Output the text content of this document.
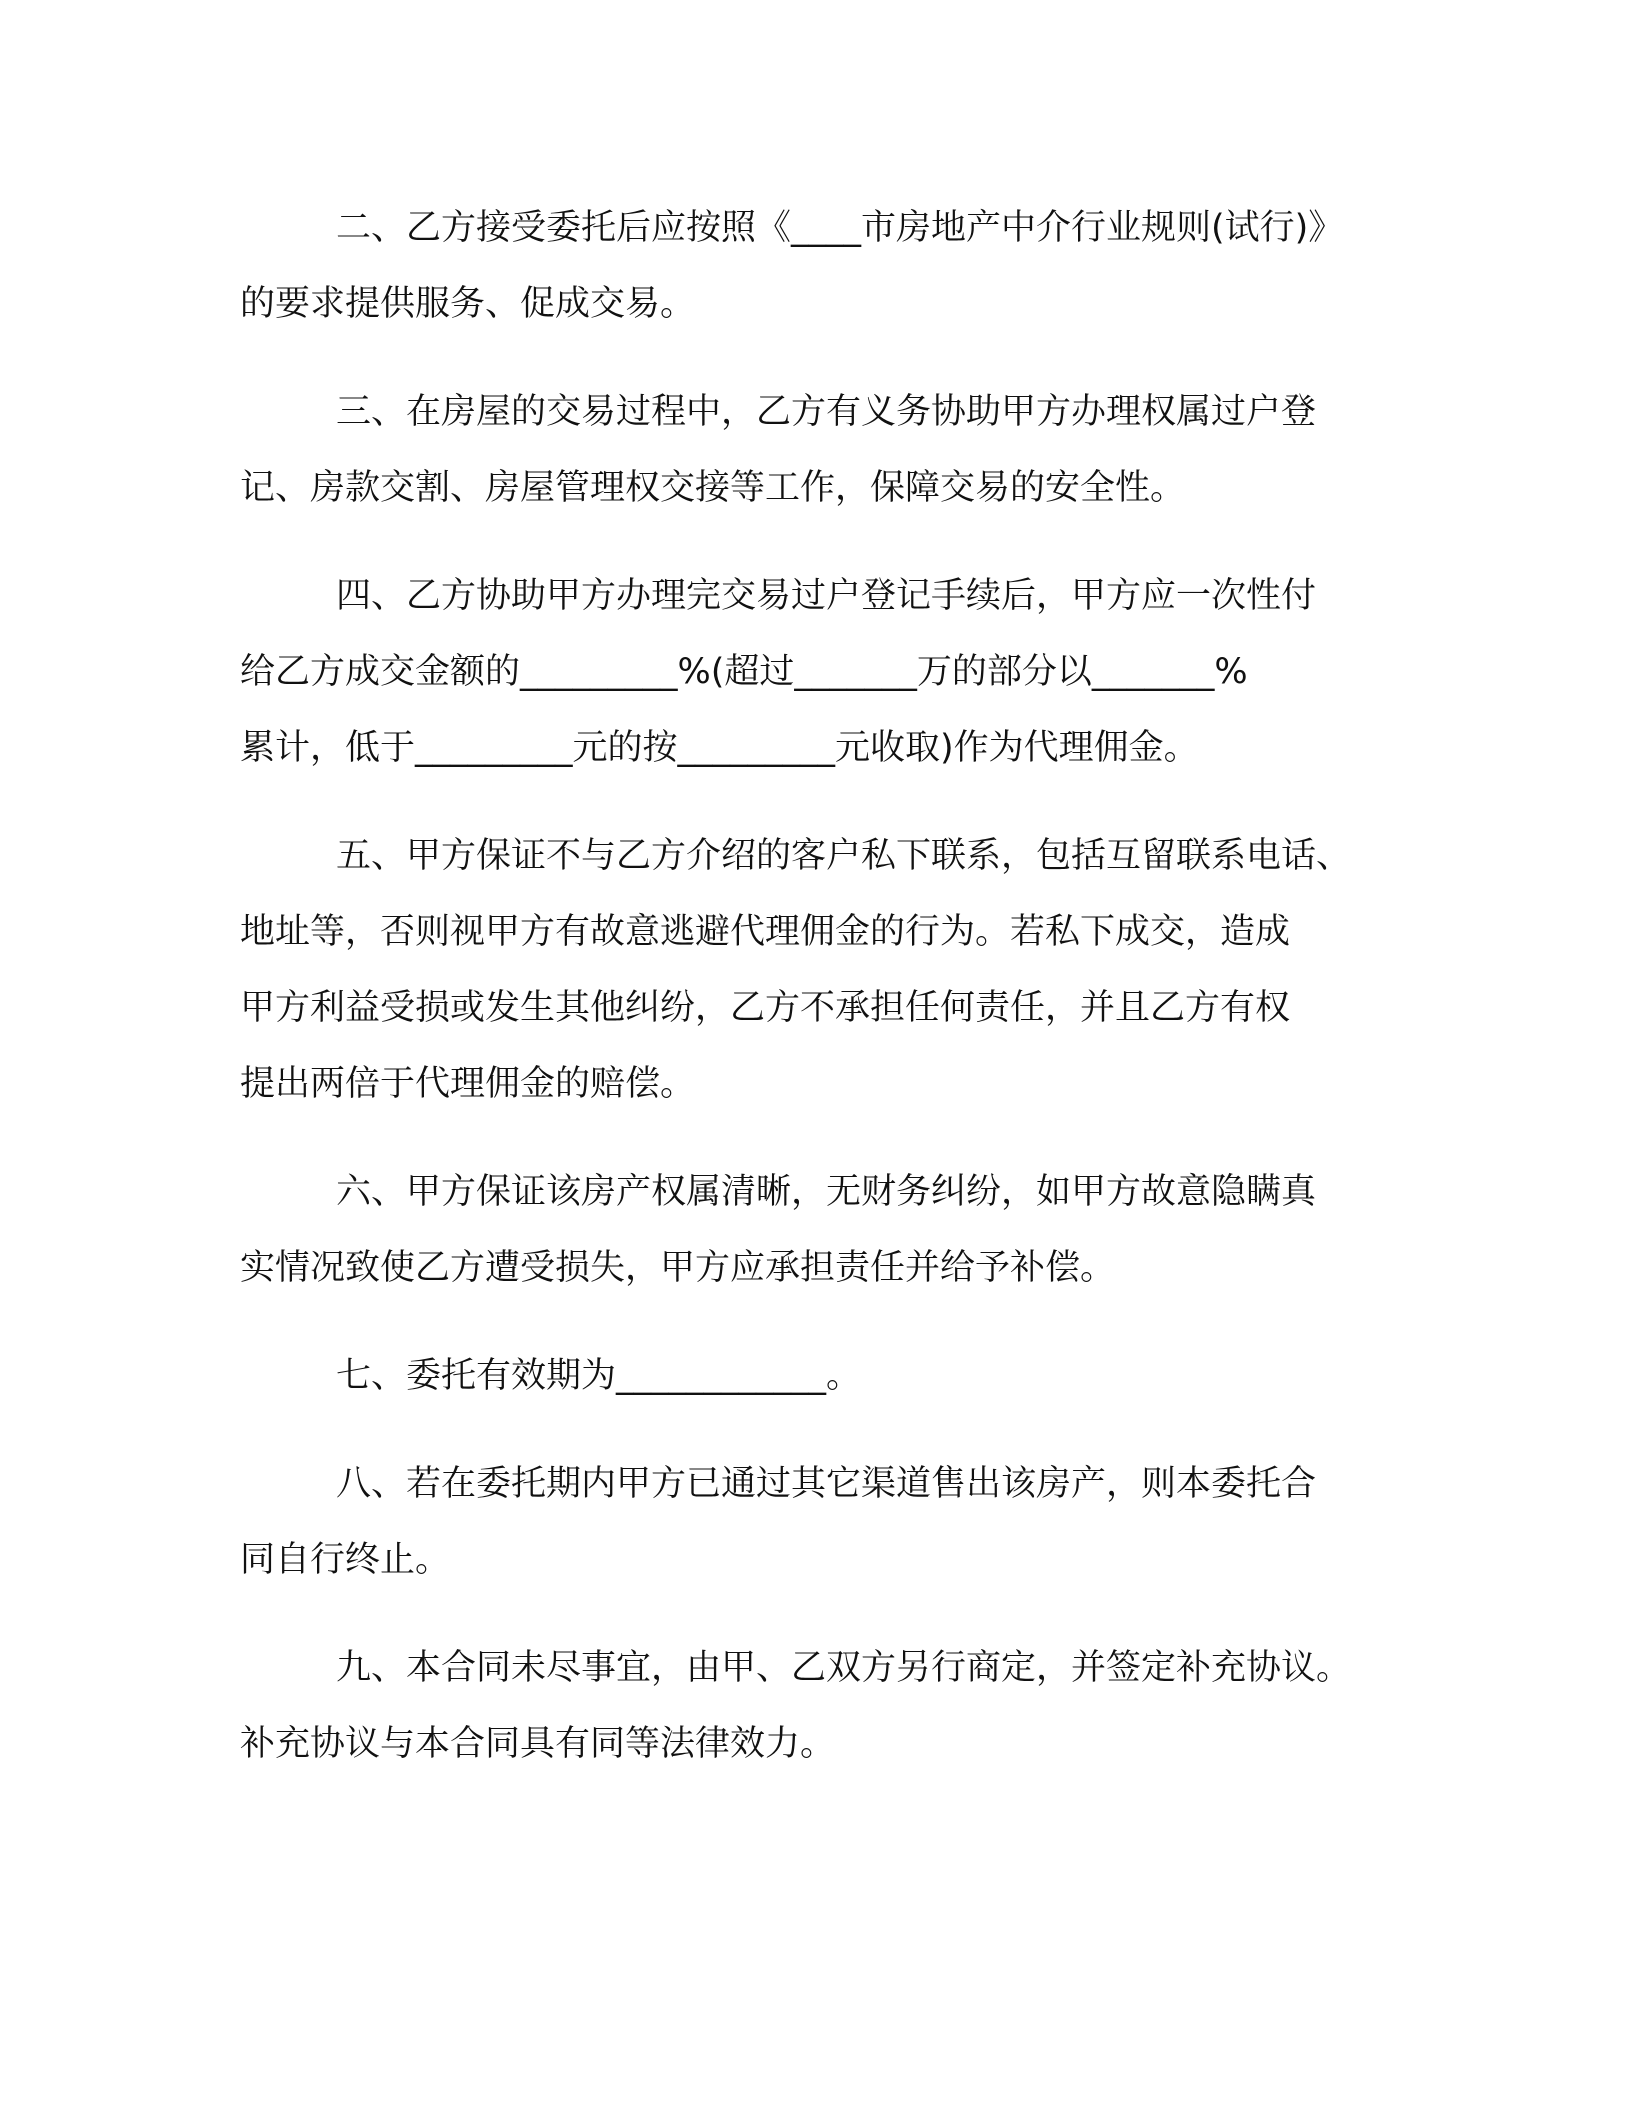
二、乙方接受委托后应按照《____市房地产中介行业规则(试行)》
的要求提供服务、促成交易。
三、在房屋的交易过程中，乙方有义务协助甲方办理权属过户登
记、房款交割、房屋管理权交接等工作，保障交易的安全性。
四、乙方协助甲方办理完交易过户登记手续后，甲方应一次性付
给乙方成交金额的_________%(超过_______万的部分以_______%
累计，低于_________元的按_________元收取)作为代理佣金。
五、甲方保证不与乙方介绍的客户私下联系，包括互留联系电话、
地址等，否则视甲方有故意逃避代理佣金的行为。若私下成交，造成
甲方利益受损或发生其他纠纷，乙方不承担任何责任，并且乙方有权
提出两倍于代理佣金的赔偿。
六、甲方保证该房产权属清晰，无财务纠纷，如甲方故意隐瞒真
实情况致使乙方遭受损失，甲方应承担责任并给予补偿。
七、委托有效期为____________。
八、若在委托期内甲方已通过其它渠道售出该房产，则本委托合
同自行终止。
九、本合同未尽事宜，由甲、乙双方另行商定，并签定补充协议。
补充协议与本合同具有同等法律效力。
